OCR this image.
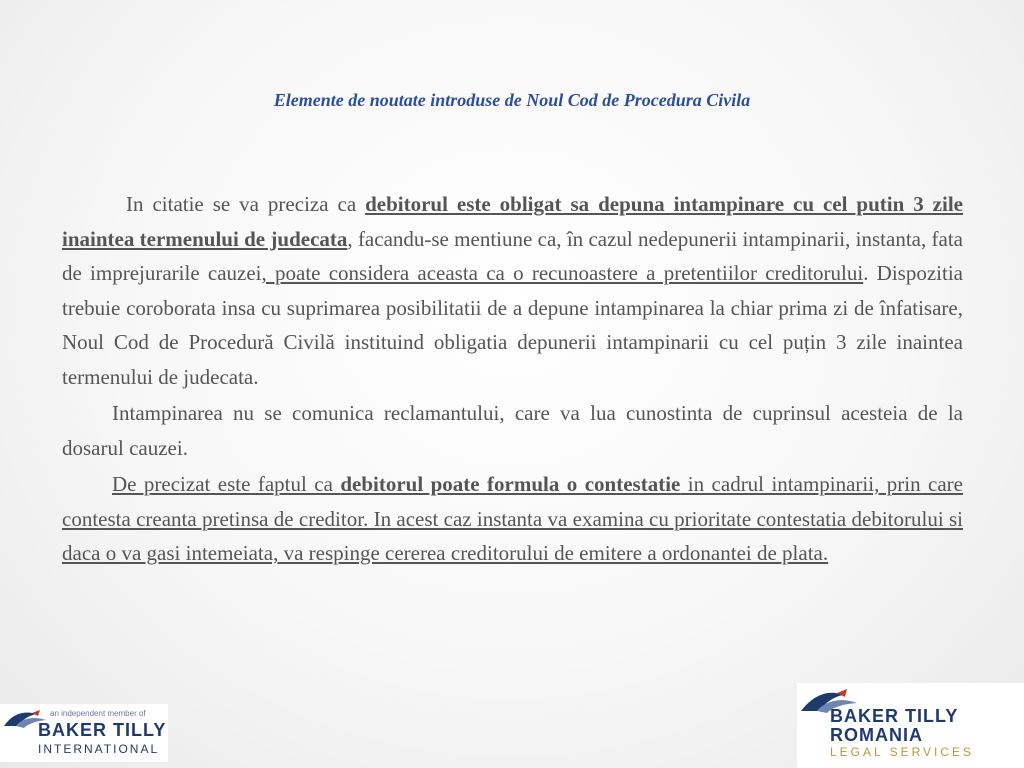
Elemente de noutate introduse de Noul Cod de Procedura Civila

In citatie se va preciza ca debitorul este obligat sa depuna intampinare cu cel putin 3 zile inaintea termenului de judecata, facandu-se mentiune ca, în cazul nedepunerii intampinarii, instanta, fata de imprejurarile cauzei, poate considera aceasta ca o recunoastere a pretentiilor creditorului. Dispozitia trebuie coroborata insa cu suprimarea posibilitatii de a depune intampinarea la chiar prima zi de înfatisare, Noul Cod de Procedură Civilă instituind obligatia depunerii intampinarii cu cel puțin 3 zile inaintea termenului de judecata.

Intampinarea nu se comunica reclamantului, care va lua cunostinta de cuprinsul acesteia de la dosarul cauzei.

De precizat este faptul ca debitorul poate formula o contestatie in cadrul intampinarii, prin care contesta creanta pretinsa de creditor. In acest caz instanta va examina cu prioritate contestatia debitorului si daca o va gasi intemeiata, va respinge cererea creditorului de emitere a ordonantei de plata.

an independent member of
BAKER TILLY
INTERNATIONAL
BAKER TILLY
ROMANIA
LEGAL SERVICES
